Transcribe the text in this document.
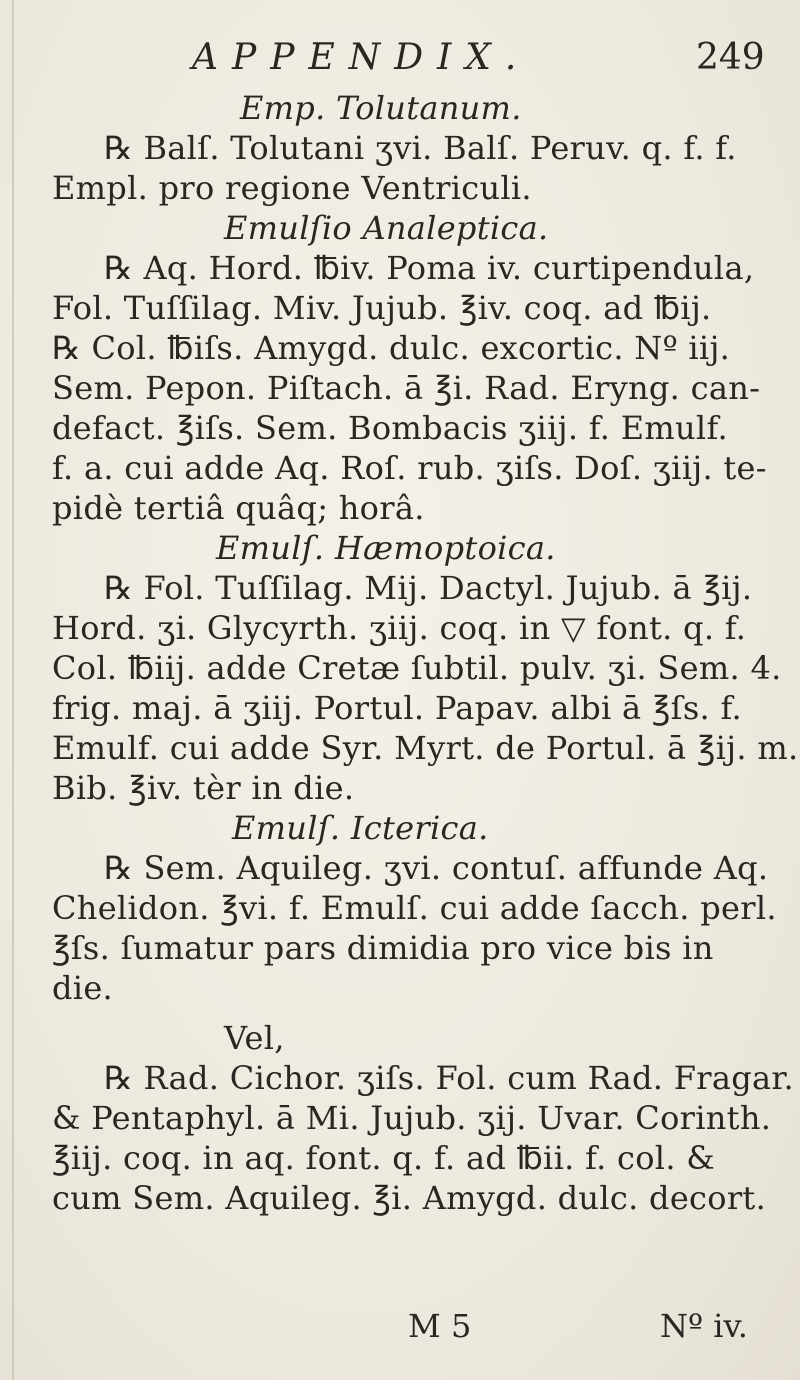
APPENDIX.	249
Emp. Tolutanum.
℞ Balſ. Tolutani ʒvi. Balſ. Peruv. q. f. f.
Empl. pro regione Ventriculi.
Emulſio Analeptica.
℞ Aq. Hord. ℔iv. Poma iv. curtipendula,
Fol. Tuſſilag. Miv. Jujub. ℥iv. coq. ad ℔ij.
℞ Col. ℔iſs. Amygd. dulc. excortic. Nº iij.
Sem. Pepon. Piſtach. ā ℥i. Rad. Eryng. can-
defact. ℥iſs. Sem. Bombacis ʒiij. f. Emulf.
f. a. cui adde Aq. Roſ. rub. ʒiſs. Doſ. ʒiij. te-
pidè tertiâ quâq; horâ.
Emulſ. Hæmoptoica.
℞ Fol. Tuſſilag. Mij. Dactyl. Jujub. ā ℥ij.
Hord. ʒi. Glycyrth. ʒiij. coq. in ▽ font. q. f.
Col. ℔iij. adde Cretæ ſubtil. pulv. ʒi. Sem. 4.
frig. maj. ā ʒiij. Portul. Papav. albi ā ℥ſs. f.
Emulf. cui adde Syr. Myrt. de Portul. ā ℥ij. m.
Bib. ℥iv. tèr in die.
Emulſ. Icterica.
℞ Sem. Aquileg. ʒvi. contuſ. affunde Aq.
Chelidon. ℥vi. f. Emulſ. cui adde ſacch. perl.
℥ſs. ſumatur pars dimidia pro vice bis in
die.
Vel,
℞ Rad. Cichor. ʒiſs. Fol. cum Rad. Fragar.
& Pentaphyl. ā Mi. Jujub. ʒij. Uvar. Corinth.
℥iij. coq. in aq. font. q. f. ad ℔ii. f. col. &
cum Sem. Aquileg. ℥i. Amygd. dulc. decort.
M 5	Nº iv.
